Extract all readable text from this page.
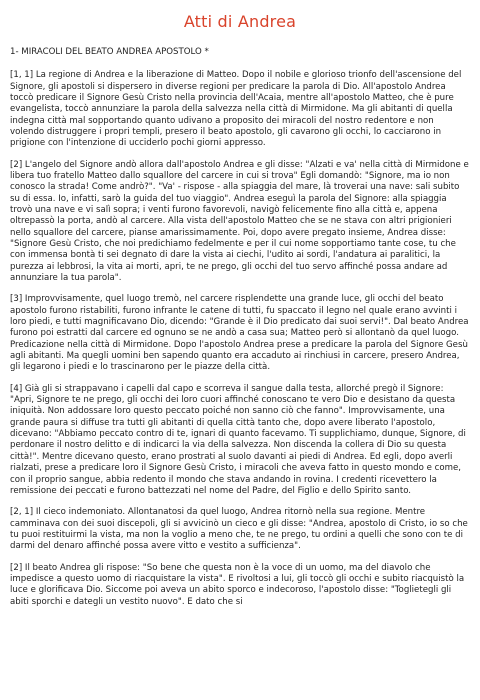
Atti di Andrea
1- MIRACOLI DEL BEATO ANDREA APOSTOLO *

[1, 1] La regione di Andrea e la liberazione di Matteo. Dopo il nobile e glorioso trionfo dell'ascensione del Signore, gli apostoli si dispersero in diverse regioni per predicare la parola di Dio. All'apostolo Andrea toccò predicare il Signore Gesù Cristo nella provincia dell'Acaia, mentre all'apostolo Matteo, che è pure evangelista, toccò annunziare la parola della salvezza nella città di Mirmidone. Ma gli abitanti di quella indegna città mal sopportando quanto udivano a proposito dei miracoli del nostro redentore e non volendo distruggere i propri templi, presero il beato apostolo, gli cavarono gli occhi, lo cacciarono in prigione con l'intenzione di ucciderlo pochi giorni appresso.

[2] L'angelo del Signore andò allora dall'apostolo Andrea e gli disse: "Alzati e va' nella città di Mirmidone e libera tuo fratello Matteo dallo squallore del carcere in cui si trova" Egli domandò: "Signore, ma io non conosco la strada! Come andrò?". "Va' - rispose - alla spiaggia del mare, là troverai una nave: sali subito su di essa. Io, infatti, sarò la guida del tuo viaggio". Andrea eseguì la parola del Signore: alla spiaggia trovò una nave e vi salì sopra; i venti furono favorevoli, navigò felicemente fino alla città e, appena oltrepassò la porta, andò al carcere. Alla vista dell'apostolo Matteo che se ne stava con altri prigionieri nello squallore del carcere, pianse amarissimamente. Poi, dopo avere pregato insieme, Andrea disse: "Signore Gesù Cristo, che noi predichiamo fedelmente e per il cui nome sopportiamo tante cose, tu che con immensa bontà ti sei degnato di dare la vista ai ciechi, l'udito ai sordi, l'andatura ai paralitici, la purezza ai lebbrosi, la vita ai morti, apri, te ne prego, gli occhi del tuo servo affinché possa andare ad annunziare la tua parola".

[3] Improvvisamente, quel luogo tremò, nel carcere risplendette una grande luce, gli occhi del beato apostolo furono ristabiliti, furono infrante le catene di tutti, fu spaccato il legno nel quale erano avvinti i loro piedi, e tutti magnificavano Dio, dicendo: "Grande è il Dio predicato dai suoi servi!". Dal beato Andrea furono poi estratti dal carcere ed ognuno se ne andò a casa sua; Matteo però si allontanò da quel luogo. Predicazione nella città di Mirmidone. Dopo l'apostolo Andrea prese a predicare la parola del Signore Gesù agli abitanti. Ma quegli uomini ben sapendo quanto era accaduto ai rinchiusi in carcere, presero Andrea, gli legarono i piedi e lo trascinarono per le piazze della città.

[4] Già gli si strappavano i capelli dal capo e scorreva il sangue dalla testa, allorché pregò il Signore: "Apri, Signore te ne prego, gli occhi dei loro cuori affinché conoscano te vero Dio e desistano da questa iniquità. Non addossare loro questo peccato poiché non sanno ciò che fanno". Improvvisamente, una grande paura si diffuse tra tutti gli abitanti di quella città tanto che, dopo avere liberato l'apostolo, dicevano: "Abbiamo peccato contro di te, ignari di quanto facevamo. Ti supplichiamo, dunque, Signore, di perdonare il nostro delitto e di indicarci la via della salvezza. Non discenda la collera di Dio su questa città!". Mentre dicevano questo, erano prostrati al suolo davanti ai piedi di Andrea. Ed egli, dopo averli rialzati, prese a predicare loro il Signore Gesù Cristo, i miracoli che aveva fatto in questo mondo e come, con il proprio sangue, abbia redento il mondo che stava andando in rovina. I credenti ricevettero la remissione dei peccati e furono battezzati nel nome del Padre, del Figlio e dello Spirito santo.

[2, 1] Il cieco indemoniato. Allontanatosi da quel luogo, Andrea ritornò nella sua regione. Mentre camminava con dei suoi discepoli, gli si avvicinò un cieco e gli disse: "Andrea, apostolo di Cristo, io so che tu puoi restituirmi la vista, ma non la voglio a meno che, te ne prego, tu ordini a quelli che sono con te di darmi del denaro affinché possa avere vitto e vestito a sufficienza".

[2] Il beato Andrea gli rispose: "So bene che questa non è la voce di un uomo, ma del diavolo che impedisce a questo uomo di riacquistare la vista". E rivoltosi a lui, gli toccò gli occhi e subito riacquistò la luce e glorificava Dio. Siccome poi aveva un abito sporco e indecoroso, l'apostolo disse: "Toglietegli gli abiti sporchi e dategli un vestito nuovo". E dato che si
